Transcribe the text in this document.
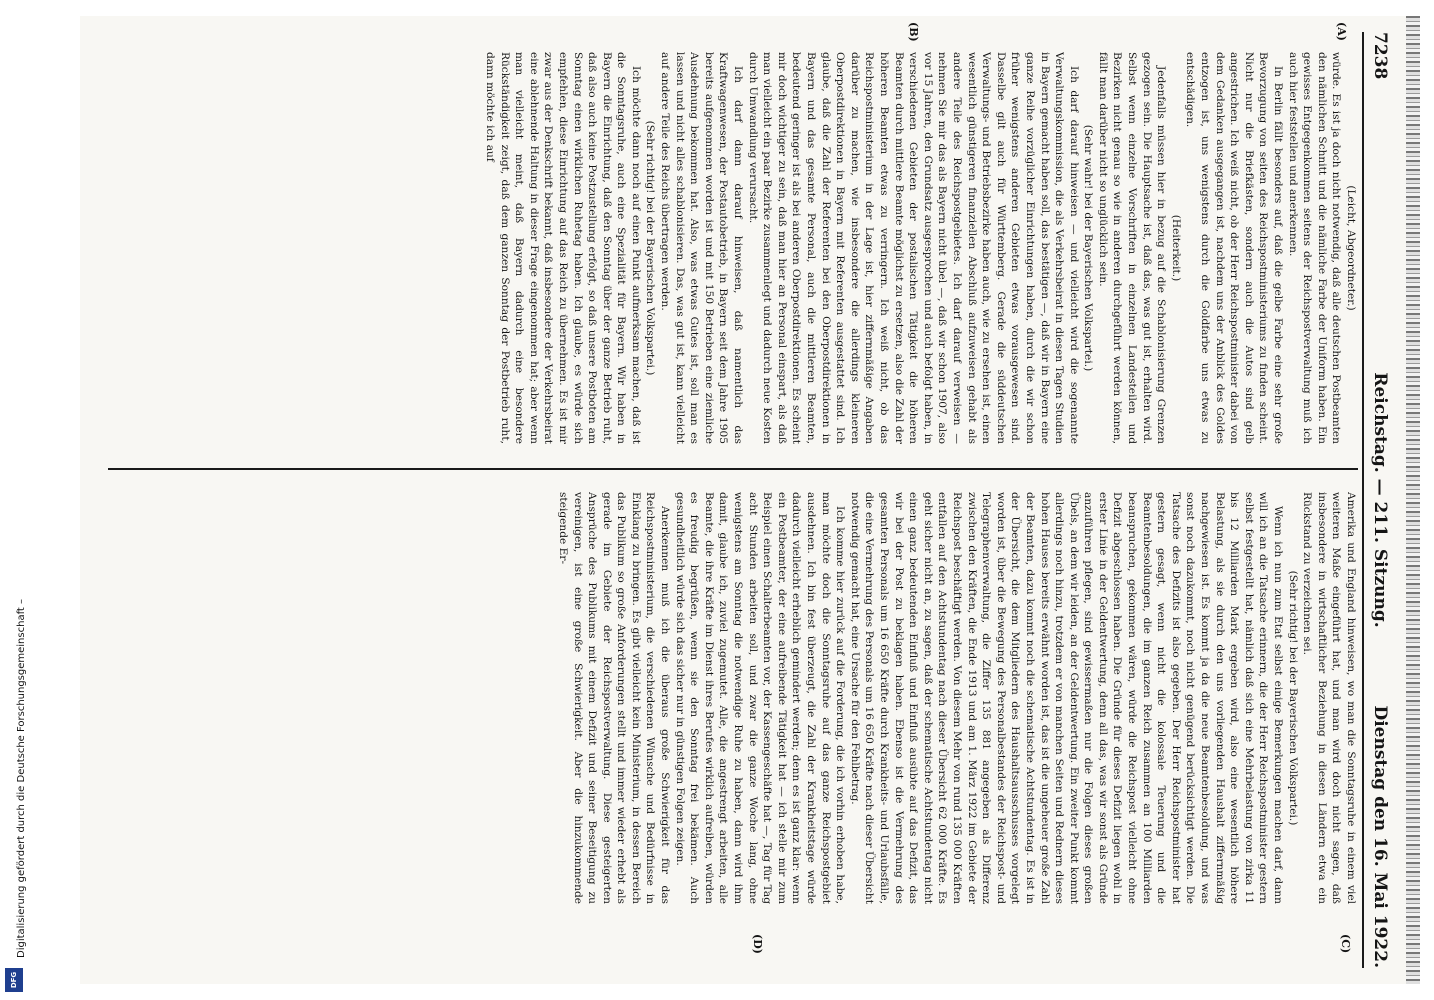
Digitalisierung gefördert durch die Deutsche Forschungsgemeinschaft –
DFG
7238
Reichstag. — 211. Sitzung.
Dienstag den 16. Mai 1922.
(A)
(B)
(C)
(D)

(Leicht, Abgeordneter.)

würde. Es ist ja doch nicht notwendig, daß alle deutschen Postbeamten den nämlichen Schnitt und die nämliche Farbe der Uniform haben. Ein gewisses Entgegenkommen seitens der Reichspostverwaltung muß ich auch hier feststellen und anerkennen.

In Berlin fällt besonders auf, daß die gelbe Farbe eine sehr große Bevorzugung von seiten des Reichspostministeriums zu finden scheint. Nicht nur die Briefkästen, sondern auch die Autos sind gelb angestrichen. Ich weiß nicht, ob der Herr Reichspostminister dabei von dem Gedanken ausgegangen ist, nachdem uns der Anblick des Goldes entzogen ist, uns wenigstens durch die Goldfarbe uns etwas zu entschädigen.

(Heiterkeit.)

Jedenfalls müssen hier in bezug auf die Schablonisierung Grenzen gezogen sein. Die Hauptsache ist, daß das, was gut ist, erhalten wird. Selbst wenn einzelne Vorschriften in einzelnen Landesteilen und Bezirken nicht genau so wie in anderen durchgeführt werden können, fällt man darüber nicht so unglücklich sein.

(Sehr wahr! bei der Bayerischen Volkspartei.)

Ich darf darauf hinweisen — und vielleicht wird die sogenannte Verwaltungskommission, die als Verkehrsbeirat in diesen Tagen Studien in Bayern gemacht haben soll, das bestätigen —, daß wir in Bayern eine ganze Reihe vorzüglicher Einrichtungen haben, durch die wir schon früher wenigstens anderen Gebieten etwas vorausgewesen sind. Dasselbe gilt auch für Württemberg. Gerade die süddeutschen Verwaltungs- und Betriebsbezirke haben auch, wie zu ersehen ist, einen wesentlich günstigeren finanziellen Abschluß aufzuweisen gehabt als andere Teile des Reichspostgebietes. Ich darf darauf verweisen — nehmen Sie mir das als Bayern nicht übel —, daß wir schon 1907, also vor 15 Jahren, den Grundsatz ausgesprochen und auch befolgt haben, in verschiedenen Gebieten der postalischen Tätigkeit die höheren Beamten durch mittlere Beamte möglichst zu ersetzen, also die Zahl der höheren Beamten etwas zu verringern. Ich weiß nicht, ob das Reichspostministerium in der Lage ist, hier ziffernmäßige Angaben darüber zu machen, wie insbesondere die allerdings kleineren Oberpostdirektionen in Bayern mit Referenten ausgestattet sind. Ich glaube, daß die Zahl der Referenten bei den Oberpostdirektionen in Bayern und das gesamte Personal, auch die mittleren Beamten, bedeutend geringer ist als bei anderen Oberpostdirektionen. Es scheint mir doch wichtiger zu sein, daß man hier an Personal einspart, als daß man vielleicht ein paar Bezirke zusammenlegt und dadurch neue Kosten durch Umwandlung verursacht.

Ich darf dann darauf hinweisen, daß namentlich das Kraftwagenwesen, der Postautobetrieb, in Bayern seit dem Jahre 1905 bereits aufgenommen worden ist und mit 150 Betrieben eine ziemliche Ausdehnung bekommen hat. Also, was etwas Gutes ist, soll man es lassen und nicht alles schablonisieren. Das, was gut ist, kann vielleicht auf andere Teile des Reichs übertragen werden.

(Sehr richtig! bei der Bayerischen Volkspartei.)

Ich möchte dann noch auf einen Punkt aufmerksam machen, daß ist die Sonntagsruhe, auch eine Spezialität für Bayern. Wir haben in Bayern die Einrichtung, daß den Sonntag über der ganze Betrieb ruht, daß also auch keine Postzustellung erfolgt, so daß unsere Postboten am Sonntag einen wirklichen Ruhetag haben. Ich glaube, es würde sich empfehlen, diese Einrichtung auf das Reich zu übernehmen. Es ist mir zwar aus der Denkschrift bekannt, daß insbesondere der Verkehrsbeirat eine ablehnende Haltung in dieser Frage eingenommen hat; aber wenn man vielleicht meint, daß Bayern dadurch eine besondere Rückständigkeit zeigt, daß dem ganzen Sonntag der Postbetrieb ruht, dann möchte ich auf

Amerika und England hinweisen, wo man die Sonntagsruhe in einem viel weiteren Maße eingeführt hat, und man wird doch nicht sagen, daß insbesondere in wirtschaftlicher Beziehung in diesen Ländern etwa ein Rückstand zu verzeichnen sei.

(Sehr richtig! bei der Bayerischen Volkspartei.)

Wenn ich nun zum Etat selbst einige Bemerkungen machen darf, dann will ich an die Tatsache erinnern, die der Herr Reichspostminister gestern selbst festgestellt hat, nämlich daß sich eine Mehrbelastung von zirka 11 bis 12 Milliarden Mark ergeben wird, also eine wesentlich höhere Belastung, als sie durch den uns vorliegenden Haushalt ziffernmäßig nachgewiesen ist. Es kommt ja da die neue Beamtenbesoldung, und was sonst noch dazukommt, noch nicht genügend berücksichtigt werden. Die Tatsache des Defizits ist also gegeben. Der Herr Reichspostminister hat gestern gesagt, wenn nicht die kolossale Teuerung und die Beamtenbesoldungen, die im ganzen Reich zusammen an 100 Milliarden beanspruchen, gekommen wären, würde die Reichspost vielleicht ohne Defizit abgeschlossen haben. Die Gründe für dieses Defizit liegen wohl in erster Linie in der Geldentwertung, denn all das, was wir sonst als Gründe anzuführen pflegen, sind gewissermaßen nur die Folgen dieses großen Übels, an dem wir leiden, an der Geldentwertung. Ein zweiter Punkt kommt allerdings noch hinzu, trotzdem er von manchen Seiten und Rednern dieses hohen Hauses bereits erwähnt worden ist, das ist die ungeheuer große Zahl der Beamten, dazu kommt noch die schematische Achtstundentag. Es ist in der Übersicht, die dem Mitgliedern des Haushaltsausschusses vorgelegt worden ist, über die Bewegung des Personalbestandes der Reichspost- und Telegraphenverwaltung, die Ziffer 135 881 angegeben als Differenz zwischen den Kräften, die Ende 1913 und am 1. März 1922 im Gebiete der Reichspost beschäftigt werden. Von diesem Mehr von rund 135 000 Kräften entfallen auf den Achtstundentag nach dieser Übersicht 62 000 Kräfte. Es geht sicher nicht an, zu sagen, daß der schematische Achtstundentag nicht einen ganz bedeutenden Einfluß und Einfluß ausübte auf das Defizit, das wir bei der Post zu beklagen haben. Ebenso ist die Vermehrung des gesamten Personals um 16 650 Kräfte durch Krankheits- und Urlaubsfälle, die eine Vermehrung des Personals um 16 650 Kräfte nach dieser Übersicht notwendig gemacht hat, eine Ursache für den Fehlbetrag.

Ich komme hier zurück auf die Forderung, die ich vorhin erhoben habe, man möchte doch die Sonntagsruhe auf das ganze Reichspostgebiet ausdehnen. Ich bin fest überzeugt, die Zahl der Krankheitstage würde dadurch vielleicht erheblich gemindert werden; denn es ist ganz klar: wenn ein Postbeamter, der eine aufreibende Tätigkeit hat — ich stelle mir zum Beispiel einen Schalterbeamten vor, der Kassengeschäfte hat —, Tag für Tag acht Stunden arbeiten soll, und zwar die ganze Woche lang, ohne wenigstens am Sonntag die notwendige Ruhe zu haben, dann wird ihm damit, glaube ich, zuviel zugemutet. Alle, die angestrengt arbeiten, alle Beamte, die ihre Kräfte im Dienst ihres Berufes wirklich aufreiben, würden es freudig begrüßen, wenn sie den Sonntag frei bekämen. Auch gesundheitlich würde sich das sicher nur in günstigen Folgen zeigen.

Anerkennen muß ich die überaus große Schwierigkeit für das Reichspostministerium, die verschiedenen Wünsche und Bedürfnisse in Einklang zu bringen. Es gibt vielleicht kein Ministerium, in dessen Bereich das Publikum so große Anforderungen stellt und immer wieder erhebt als gerade im Gebiete der Reichspostverwaltung. Diese gesteigerten Ansprüche des Publikums mit einem Defizit und seiner Beseitigung zu vereinigen, ist eine große Schwierigkeit. Aber die hinzukommende steigende Er-
